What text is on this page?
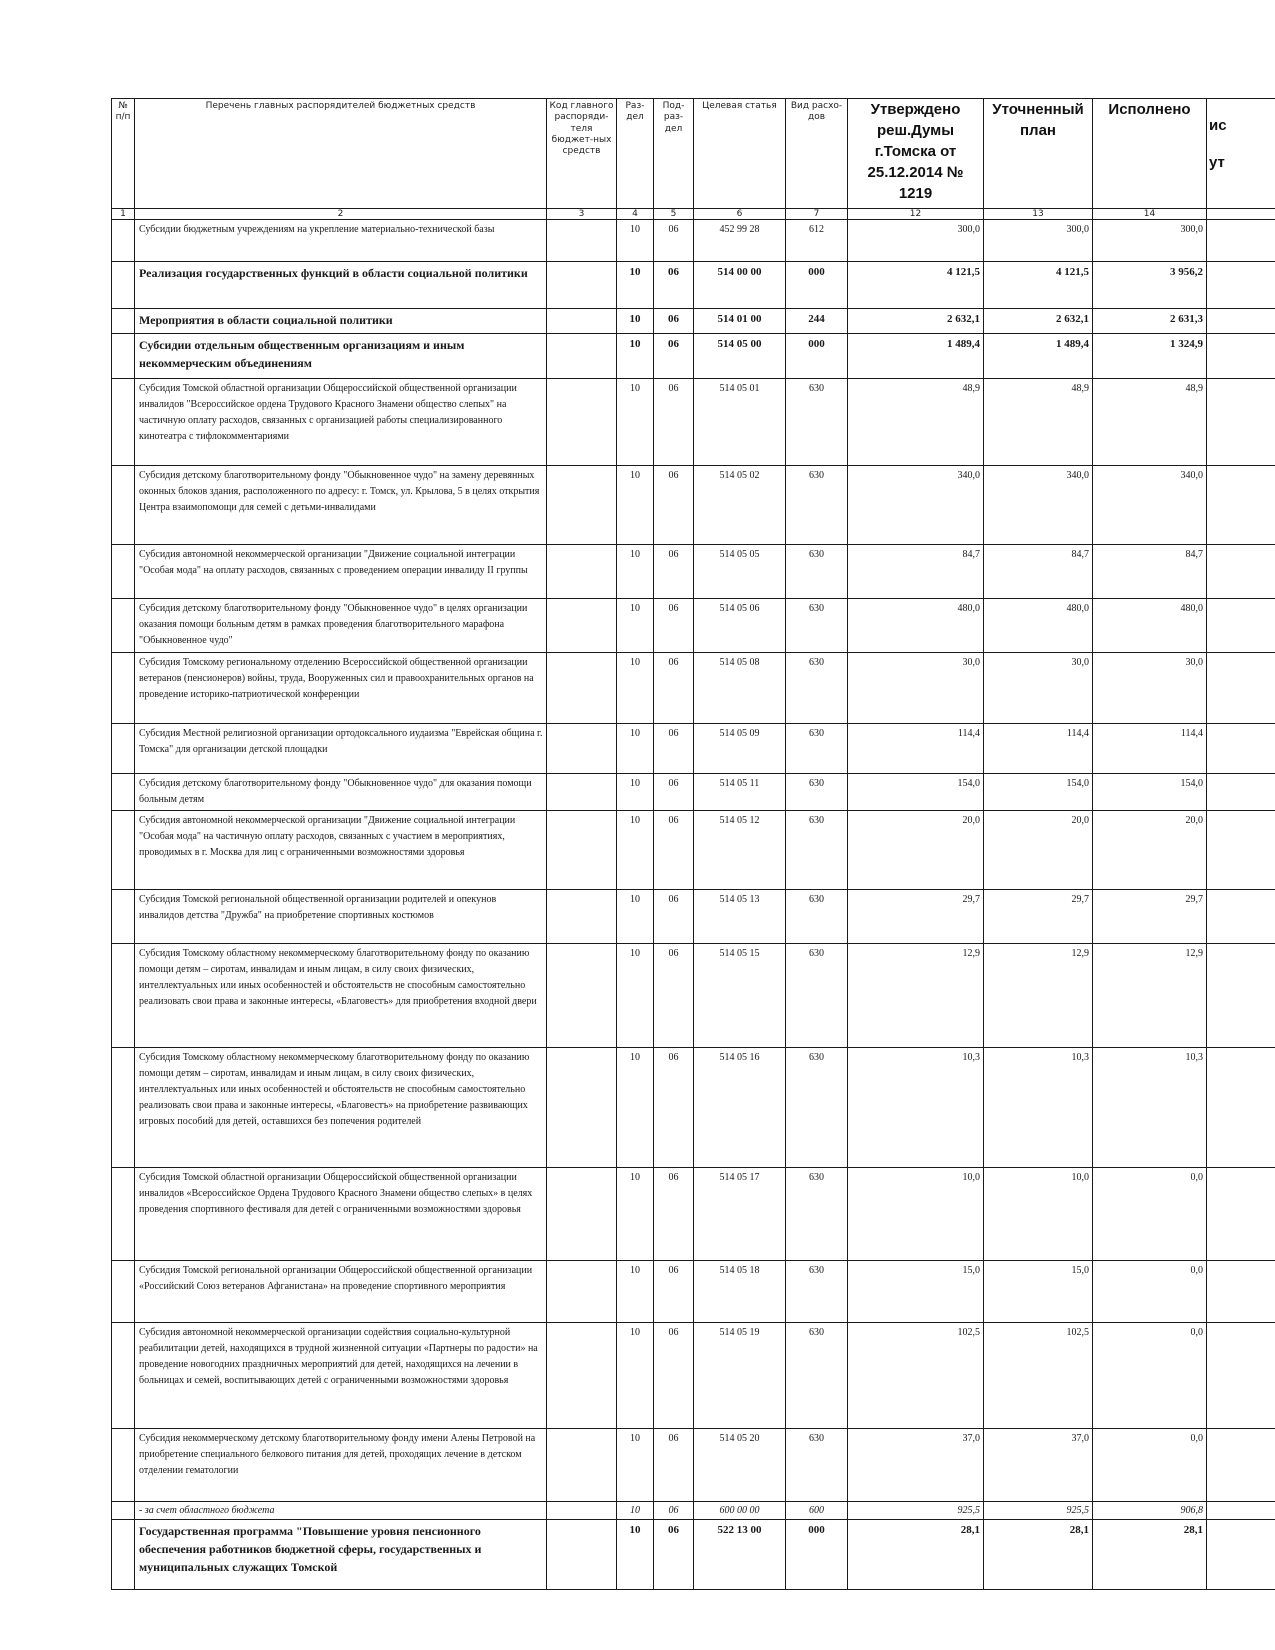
№ п/п	Перечень главных распорядителей бюджетных средств	Код главного распоряди-теля бюджет-ных средств	Раз-дел	Под-раз-дел	Целевая статья	Вид расхо-дов	Утверждено реш.Думы г.Томска от 25.12.2014 № 1219	Уточненный план	Исполнено	ис
ут

1	2	3	4	5	6	7	12	13	14	
	Субсидии бюджетным учреждениям на укрепление материально-технической базы		10	06	452 99 28	612	300,0	300,0	300,0	
	Реализация государственных функций в области социальной политики		10	06	514 00 00	000	4 121,5	4 121,5	3 956,2	
	Мероприятия в области социальной политики		10	06	514 01 00	244	2 632,1	2 632,1	2 631,3	
	Субсидии отдельным общественным организациям и иным некоммерческим объединениям		10	06	514 05 00	000	1 489,4	1 489,4	1 324,9	
	Субсидия Томской областной организации Общероссийской общественной организации инвалидов "Всероссийское ордена Трудового Красного Знамени общество слепых" на частичную оплату расходов, связанных с организацией работы специализированного кинотеатра с тифлокомментариями		10	06	514 05 01	630	48,9	48,9	48,9	
	Субсидия детскому благотворительному фонду "Обыкновенное чудо" на замену деревянных оконных блоков здания, расположенного по адресу: г. Томск, ул. Крылова, 5 в целях открытия Центра взаимопомощи для семей с детьми-инвалидами		10	06	514 05 02	630	340,0	340,0	340,0	
	Субсидия автономной некоммерческой организации "Движение социальной интеграции "Особая мода" на оплату расходов, связанных с проведением операции инвалиду II группы		10	06	514 05 05	630	84,7	84,7	84,7	
	Субсидия детскому благотворительному фонду "Обыкновенное чудо" в целях организации оказания помощи больным детям в рамках проведения благотворительного марафона "Обыкновенное чудо"		10	06	514 05 06	630	480,0	480,0	480,0	
	Субсидия Томскому региональному отделению Всероссийской общественной организации ветеранов (пенсионеров) войны, труда, Вооруженных сил и правоохранительных органов на проведение историко-патриотической конференции		10	06	514 05 08	630	30,0	30,0	30,0	
	Субсидия Местной религиозной организации ортодоксального иудаизма "Еврейская община г. Томска" для организации детской площадки		10	06	514 05 09	630	114,4	114,4	114,4	
	Субсидия детскому благотворительному фонду "Обыкновенное чудо" для оказания помощи больным детям		10	06	514 05 11	630	154,0	154,0	154,0	
	Субсидия автономной некоммерческой организации "Движение социальной интеграции "Особая мода" на частичную оплату расходов, связанных с участием в мероприятиях, проводимых в г. Москва для лиц с ограниченными возможностями здоровья		10	06	514 05 12	630	20,0	20,0	20,0	
	Субсидия Томской региональной общественной организации родителей и опекунов инвалидов детства "Дружба" на приобретение спортивных костюмов		10	06	514 05 13	630	29,7	29,7	29,7	
	Субсидия Томскому областному некоммерческому благотворительному фонду по оказанию помощи детям – сиротам, инвалидам и иным лицам, в силу своих физических, интеллектуальных или иных особенностей и обстоятельств не способным самостоятельно реализовать свои права и законные интересы, «Благовестъ» для приобретения входной двери		10	06	514 05 15	630	12,9	12,9	12,9	
	Субсидия Томскому областному некоммерческому благотворительному фонду по оказанию помощи детям – сиротам, инвалидам и иным лицам, в силу своих физических, интеллектуальных или иных особенностей и обстоятельств не способным самостоятельно реализовать свои права и законные интересы, «Благовестъ» на приобретение развивающих игровых пособий для детей, оставшихся без попечения родителей		10	06	514 05 16	630	10,3	10,3	10,3	
	Субсидия Томской областной организации Общероссийской общественной организации инвалидов «Всероссийское Ордена Трудового Красного Знамени общество слепых» в целях проведения спортивного фестиваля для детей с ограниченными возможностями здоровья		10	06	514 05 17	630	10,0	10,0	0,0	
	Субсидия Томской региональной организации Общероссийской общественной организации «Российский Союз ветеранов Афганистана» на проведение спортивного мероприятия		10	06	514 05 18	630	15,0	15,0	0,0	
	Субсидия автономной некоммерческой организации содействия социально-культурной реабилитации детей, находящихся в трудной жизненной ситуации «Партнеры по радости» на проведение новогодних праздничных мероприятий для детей, находящихся на лечении в больницах и семей, воспитывающих детей с ограниченными возможностями здоровья		10	06	514 05 19	630	102,5	102,5	0,0	
	Субсидия некоммерческому детскому благотворительному фонду имени Алены Петровой на приобретение специального белкового питания для детей, проходящих лечение в детском отделении гематологии		10	06	514 05 20	630	37,0	37,0	0,0	
	- за счет областного бюджета		10	06	600 00 00	600	925,5	925,5	906,8	
	Государственная программа "Повышение уровня пенсионного обеспечения работников бюджетной сферы, государственных и муниципальных служащих Томской		10	06	522 13 00	000	28,1	28,1	28,1	
